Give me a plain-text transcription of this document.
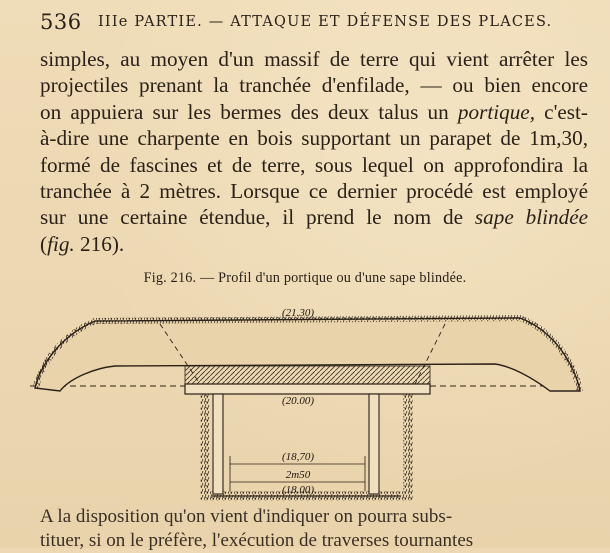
536 IIIe PARTIE. — ATTAQUE ET DÉFENSE DES PLACES.
simples, au moyen d'un massif de terre qui vient arrêter les
projectiles prenant la tranchée d'enfilade, — ou bien encore
on appuiera sur les bermes des deux talus un portique, c'est-
à-dire une charpente en bois supportant un parapet de 1m,30,
formé de fascines et de terre, sous lequel on approfondira la
tranchée à 2 mètres. Lorsque ce dernier procédé est employé
sur une certaine étendue, il prend le nom de sape blindée
(fig. 216).
Fig. 216. — Profil d'un portique ou d'une sape blindée.
(21.30)
(20.00)
(18,70)
2m50
(18.00)
A la disposition qu'on vient d'indiquer on pourra subs-
tituer, si on le préfère, l'exécution de traverses tournantes
